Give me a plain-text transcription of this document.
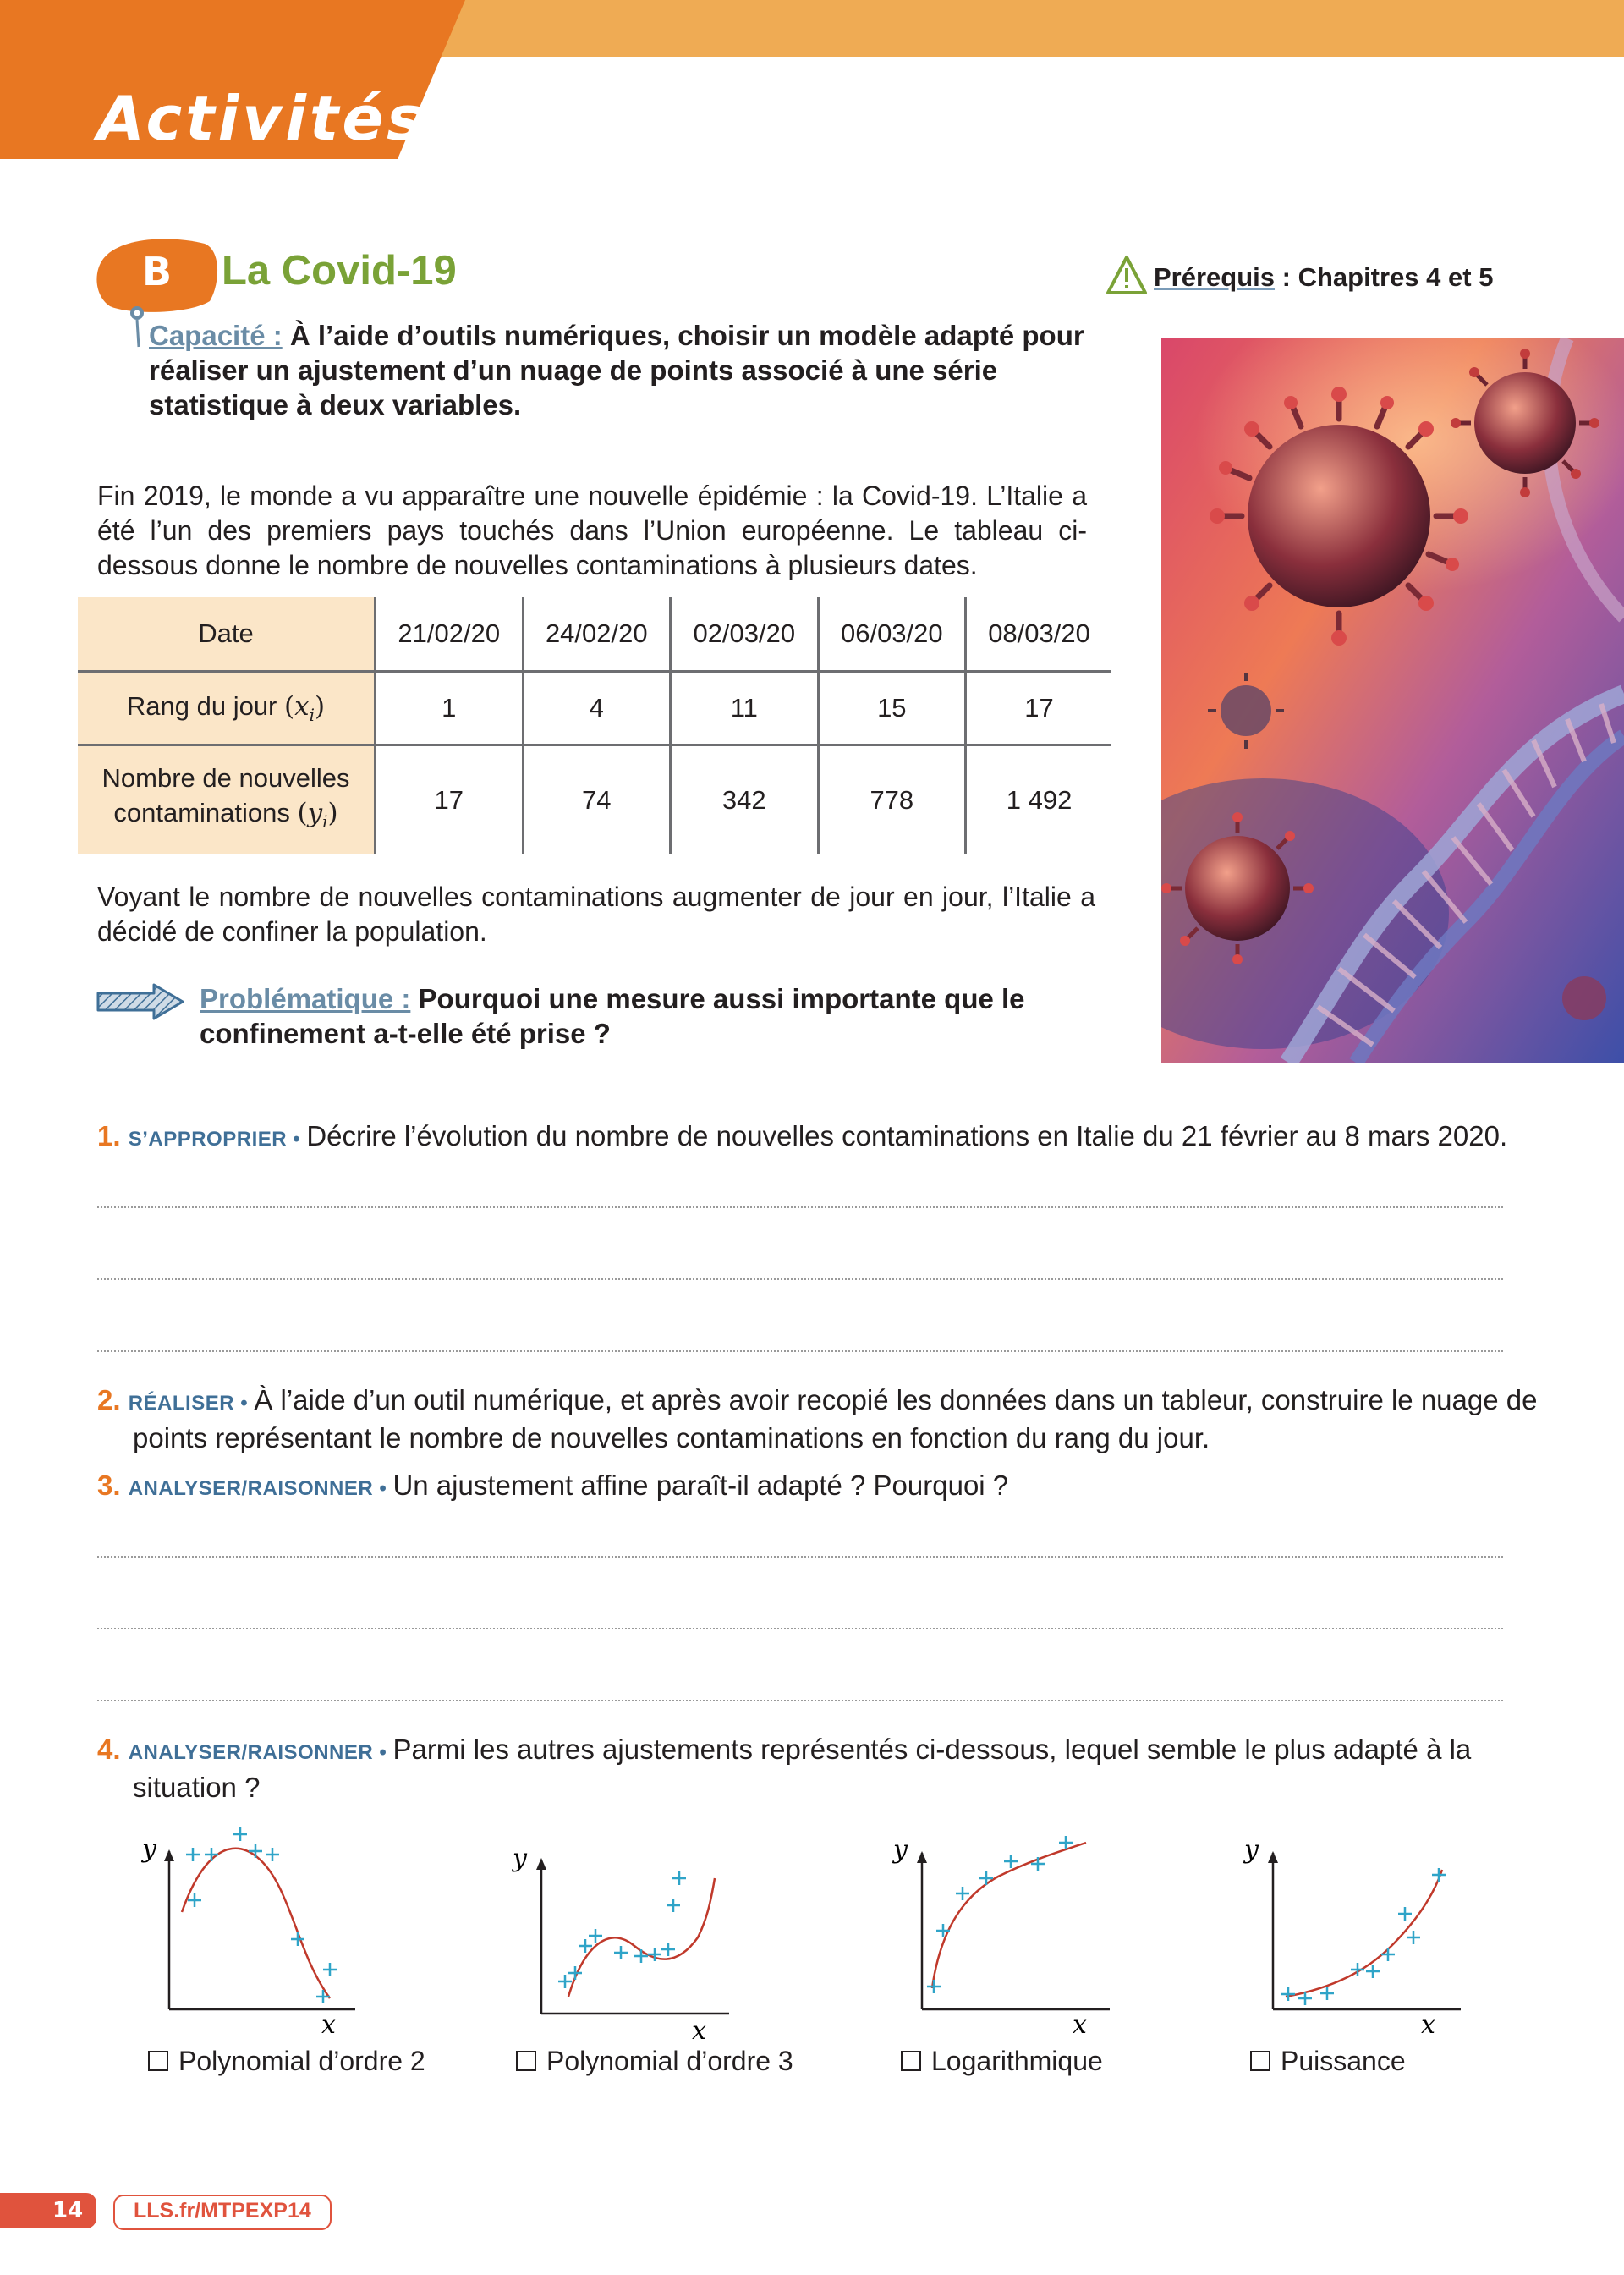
Activités
B La Covid-19	Prérequis : Chapitres 4 et 5
Capacité : À l’aide d’outils numériques, choisir un modèle adapté pour réaliser un ajustement d’un nuage de points associé à une série statistique à deux variables.
Fin 2019, le monde a vu apparaître une nouvelle épidémie : la Covid-19. L’Italie a été l’un des premiers pays touchés dans l’Union européenne. Le tableau ci-dessous donne le nombre de nouvelles contaminations à plusieurs dates.
Date	21/02/20	24/02/20	02/03/20	06/03/20	08/03/20
Rang du jour $(x_i)$	1	4	11	15	17
Nombre de nouvelles
contaminations $(y_i)$	17	74	342	778	1 492
Voyant le nombre de nouvelles contaminations augmenter de jour en jour, l’Italie a décidé de confiner la population.
Problématique : Pourquoi une mesure aussi importante que le confinement a-t-elle été prise ?
1. S’APPROPRIER • Décrire l’évolution du nombre de nouvelles contaminations en Italie du 21 février au 8 mars 2020.
2. RÉALISER • À l’aide d’un outil numérique, et après avoir recopié les données dans un tableur, construire le nuage de points représentant le nombre de nouvelles contaminations en fonction du rang du jour.
3. ANALYSER/RAISONNER • Un ajustement affine paraît-il adapté ? Pourquoi ?
4. ANALYSER/RAISONNER • Parmi les autres ajustements représentés ci-dessous, lequel semble le plus adapté à la situation ?
y
x
Polynomial d’ordre 2
y
x
Polynomial d’ordre 3
y
x
Logarithmique
y
x
Puissance
14 LLS.fr/MTPEXP14
